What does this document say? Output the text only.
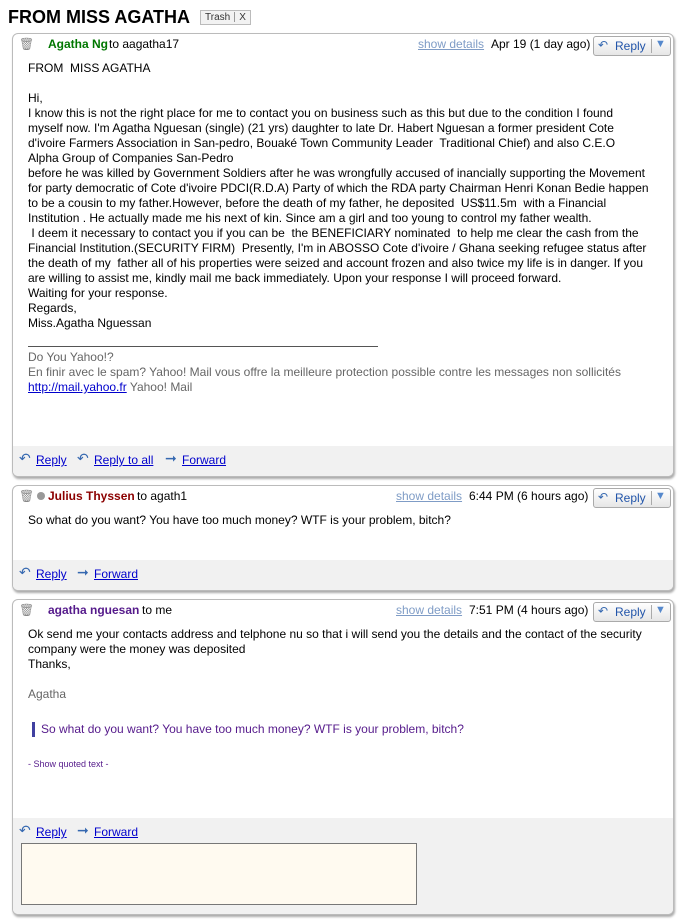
FROM MISS AGATHA Trash X
🗑 Agatha Ng to aagatha17	show details Apr 19 (1 day ago) ↶ Reply ▼

FROM  MISS AGATHA

Hi,

I know this is not the right place for me to contact you on business such as this but due to the condition I found

myself now. I'm Agatha Nguesan (single) (21 yrs) daughter to late Dr. Habert Nguesan a former president Cote

d'ivoire Farmers Association in San-pedro, Bouaké Town Community Leader  Traditional Chief) and also C.E.O

Alpha Group of Companies San-Pedro

before he was killed by Government Soldiers after he was wrongfully accused of inancially supporting the Movement

for party democratic of Cote d'ivoire PDCI(R.D.A) Party of which the RDA party Chairman Henri Konan Bedie happen

to be a cousin to my father.However, before the death of my father, he deposited  US$11.5m  with a Financial

Institution . He actually made me his next of kin. Since am a girl and too young to control my father wealth.

I deem it necessary to contact you if you can be  the BENEFICIARY nominated  to help me clear the cash from the

Financial Institution.(SECURITY FIRM)  Presently, I'm in ABOSSO Cote d'ivoire / Ghana seeking refugee status after

the death of my  father all of his properties were seized and account frozen and also twice my life is in danger. If you

are willing to assist me, kindly mail me back immediately. Upon your response I will proceed forward.

Waiting for your response.

Regards,

Miss.Agatha Nguessan

Do You Yahoo!?

En finir avec le spam? Yahoo! Mail vous offre la meilleure protection possible contre les messages non sollicités

http://mail.yahoo.fr Yahoo! Mail

↶ Reply ↶ Reply to all ➞ Forward
🗑 Julius Thyssen to agath1	show details 6:44 PM (6 hours ago) ↶ Reply ▼

So what do you want? You have too much money? WTF is your problem, bitch?

↶ Reply ➞ Forward
🗑 agatha nguesan to me	show details 7:51 PM (4 hours ago) ↶ Reply ▼

Ok send me your contacts address and telphone nu so that i will send you the details and the contact of the security

company were the money was deposited

Thanks,

Agatha

So what do you want? You have too much money? WTF is your problem, bitch?

- Show quoted text -

↶ Reply ➞ Forward
